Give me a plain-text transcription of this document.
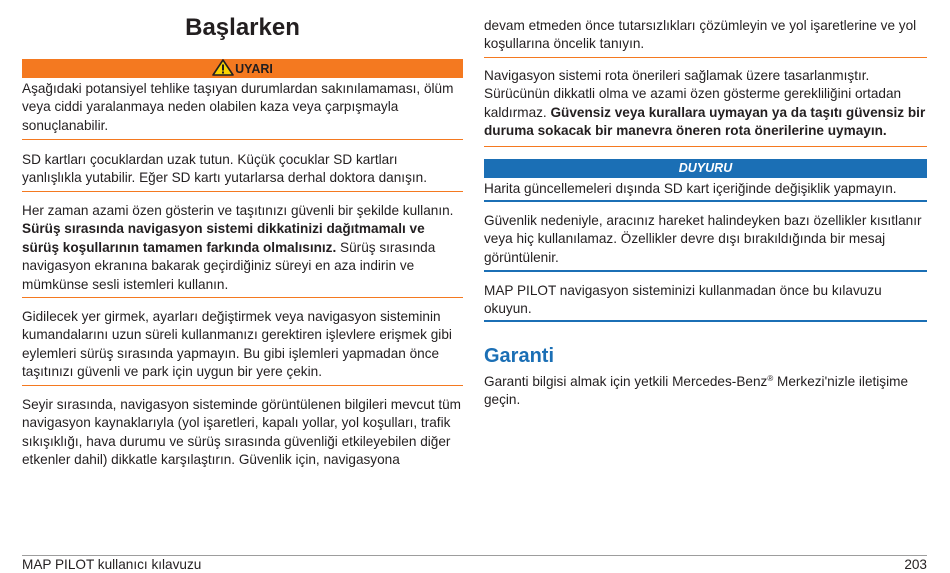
Başlarken
UYARI
Aşağıdaki potansiyel tehlike taşıyan durumlardan sakınılamaması, ölüm veya ciddi yaralanmaya neden olabilen kaza veya çarpışmayla sonuçlanabilir.
SD kartları çocuklardan uzak tutun. Küçük çocuklar SD kartları yanlışlıkla yutabilir. Eğer SD kartı yutarlarsa derhal doktora danışın.
Her zaman azami özen gösterin ve taşıtınızı güvenli bir şekilde kullanın. Sürüş sırasında navigasyon sistemi dikkatinizi dağıtmamalı ve sürüş koşullarının tamamen farkında olmalısınız. Sürüş sırasında navigasyon ekranına bakarak geçirdiğiniz süreyi en aza indirin ve mümkünse sesli istemleri kullanın.
Gidilecek yer girmek, ayarları değiştirmek veya navigasyon sisteminin kumandalarını uzun süreli kullanmanızı gerektiren işlevlere erişmek gibi eylemleri sürüş sırasında yapmayın. Bu gibi işlemleri yapmadan önce taşıtınızı güvenli ve park için uygun bir yere çekin.
Seyir sırasında, navigasyon sisteminde görüntülenen bilgileri mevcut tüm navigasyon kaynaklarıyla (yol işaretleri, kapalı yollar, yol koşulları, trafik sıkışıklığı, hava durumu ve sürüş sırasında güvenliği etkileyebilen diğer etkenler dahil) dikkatle karşılaştırın. Güvenlik için, navigasyona
devam etmeden önce tutarsızlıkları çözümleyin ve yol işaretlerine ve yol koşullarına öncelik tanıyın.
Navigasyon sistemi rota önerileri sağlamak üzere tasarlanmıştır. Sürücünün dikkatli olma ve azami özen gösterme gerekliliğini ortadan kaldırmaz. Güvensiz veya kurallara uymayan ya da taşıtı güvensiz bir duruma sokacak bir manevra öneren rota önerilerine uymayın.
DUYURU
Harita güncellemeleri dışında SD kart içeriğinde değişiklik yapmayın.
Güvenlik nedeniyle, aracınız hareket halindeyken bazı özellikler kısıtlanır veya hiç kullanılamaz. Özellikler devre dışı bırakıldığında bir mesaj görüntülenir.
MAP PILOT navigasyon sisteminizi kullanmadan önce bu kılavuzu okuyun.
Garanti
Garanti bilgisi almak için yetkili Mercedes-Benz® Merkezi'nizle iletişime geçin.
MAP PILOT kullanıcı kılavuzu	203
